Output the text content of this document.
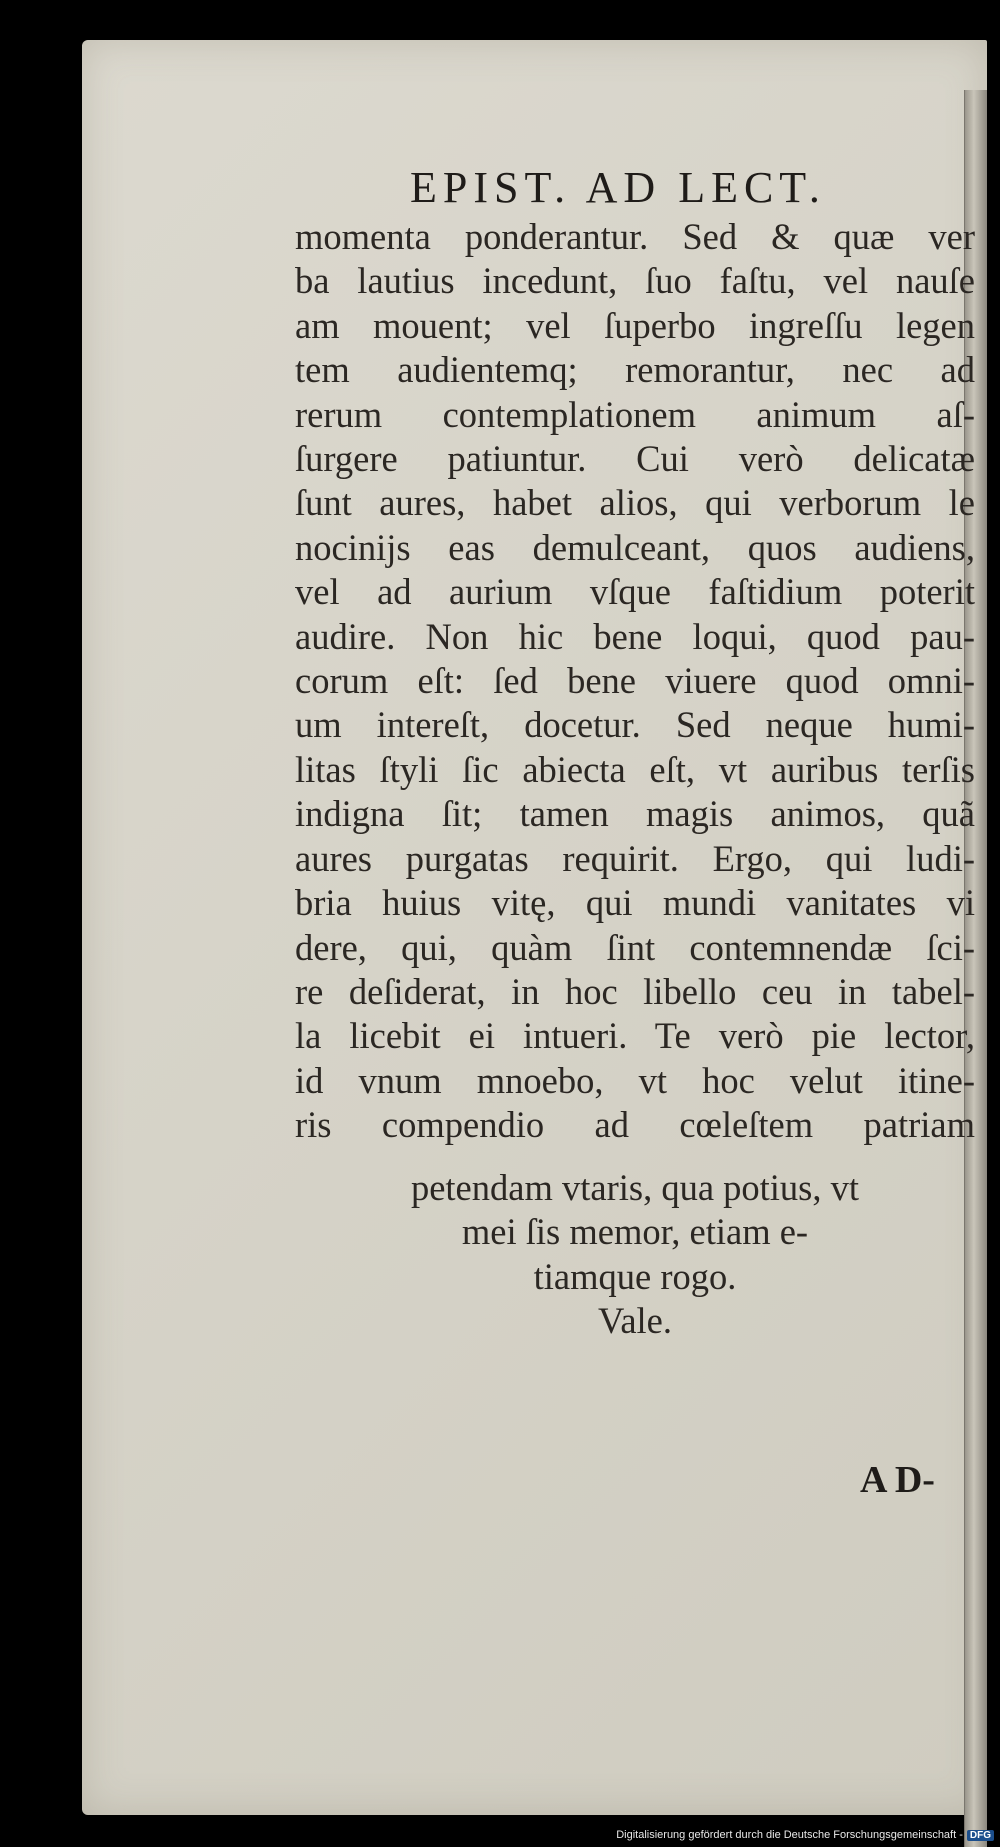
EPIST. AD LECT.
momenta ponderantur. Sed & quæ ver
ba lautius incedunt, ſuo faſtu, vel nauſe
am mouent; vel ſuperbo ingreſſu legen
tem audientemq; remorantur, nec ad
rerum contemplationem animum aſ-
ſurgere patiuntur. Cui verò delicatæ
ſunt aures, habet alios, qui verborum le
nocinijs eas demulceant, quos audiens,
vel ad aurium vſque faſtidium poterit
audire. Non hic bene loqui, quod pau-
corum eſt: ſed bene viuere quod omni-
um intereſt, docetur. Sed neque humi-
litas ſtyli ſic abiecta eſt, vt auribus terſis
indigna ſit; tamen magis animos, quã
aures purgatas requirit. Ergo, qui ludi-
bria huius vitę, qui mundi vanitates vi
dere, qui, quàm ſint contemnendæ ſci-
re deſiderat, in hoc libello ceu in tabel-
la licebit ei intueri. Te verò pie lector,
id vnum mnoebo, vt hoc velut itine-
ris compendio ad cœleſtem patriam
petendam vtaris, qua potius, vt
mei ſis memor, etiam e-
tiamque rogo.
Vale.
A D-
Digitalisierung gefördert durch die Deutsche Forschungsgemeinschaft - DFG
